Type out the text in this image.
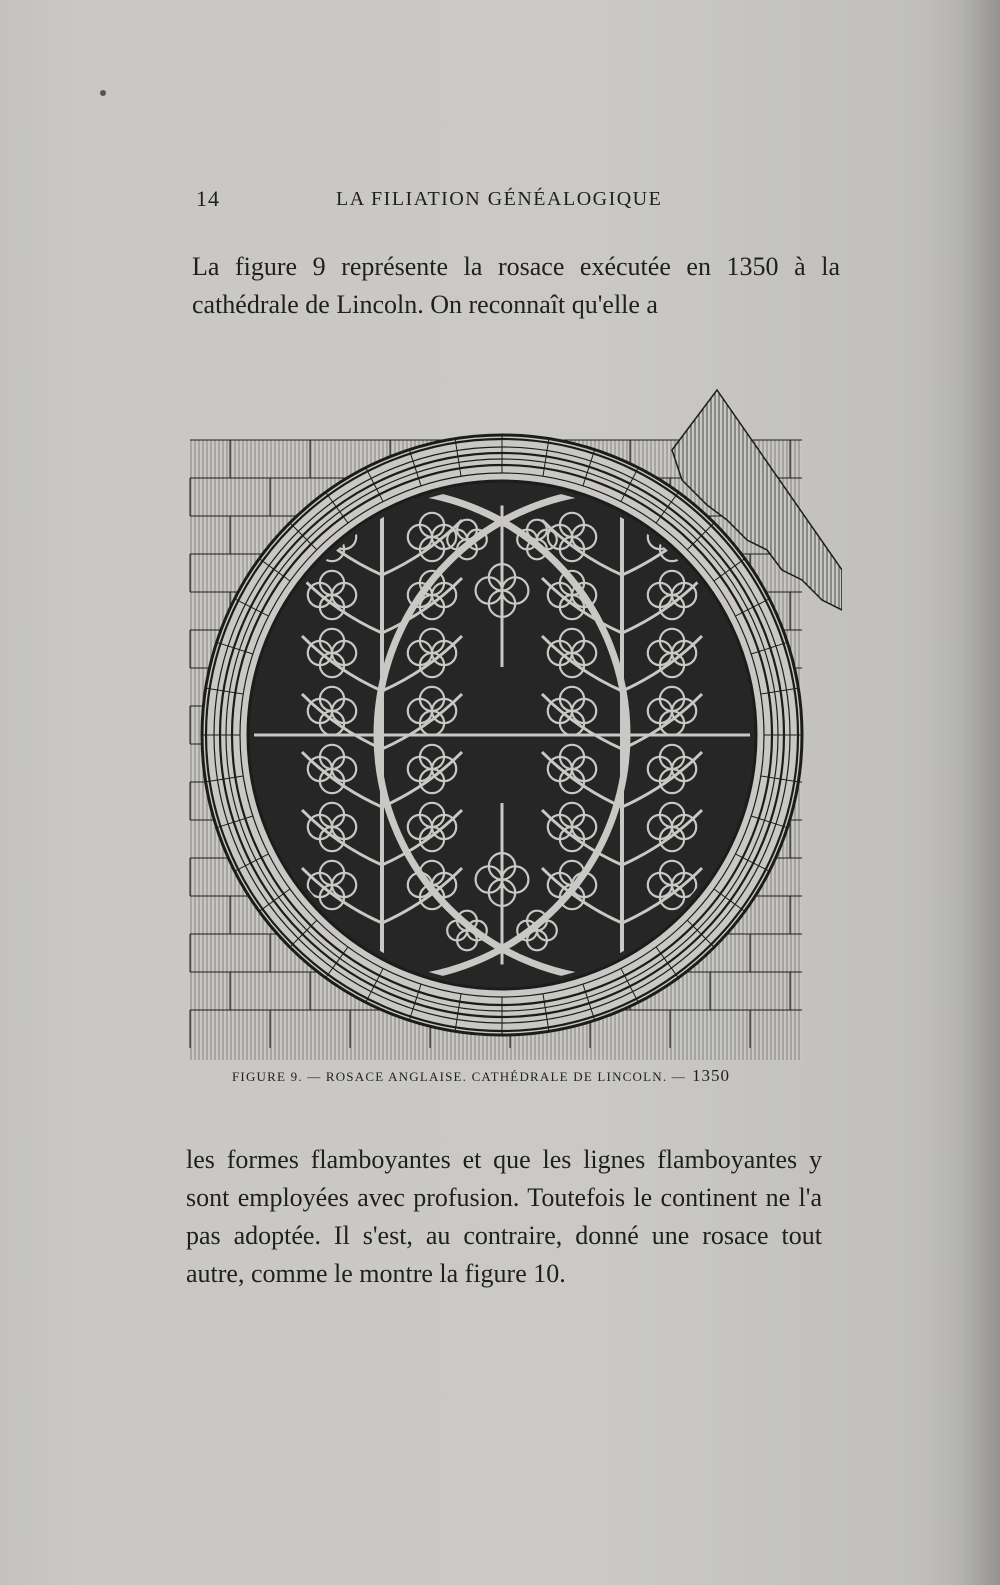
14	LA FILIATION GÉNÉALOGIQUE

La figure 9 représente la rosace exécutée en 1350 à la cathédrale de Lincoln. On reconnaît qu'elle a

FIGURE 9. — ROSACE ANGLAISE. CATHÉDRALE DE LINCOLN. — 1350

les formes flamboyantes et que les lignes flamboyantes y sont employées avec profusion. Toutefois le continent ne l'a pas adoptée. Il s'est, au contraire, donné une rosace tout autre, comme le montre la figure 10.
